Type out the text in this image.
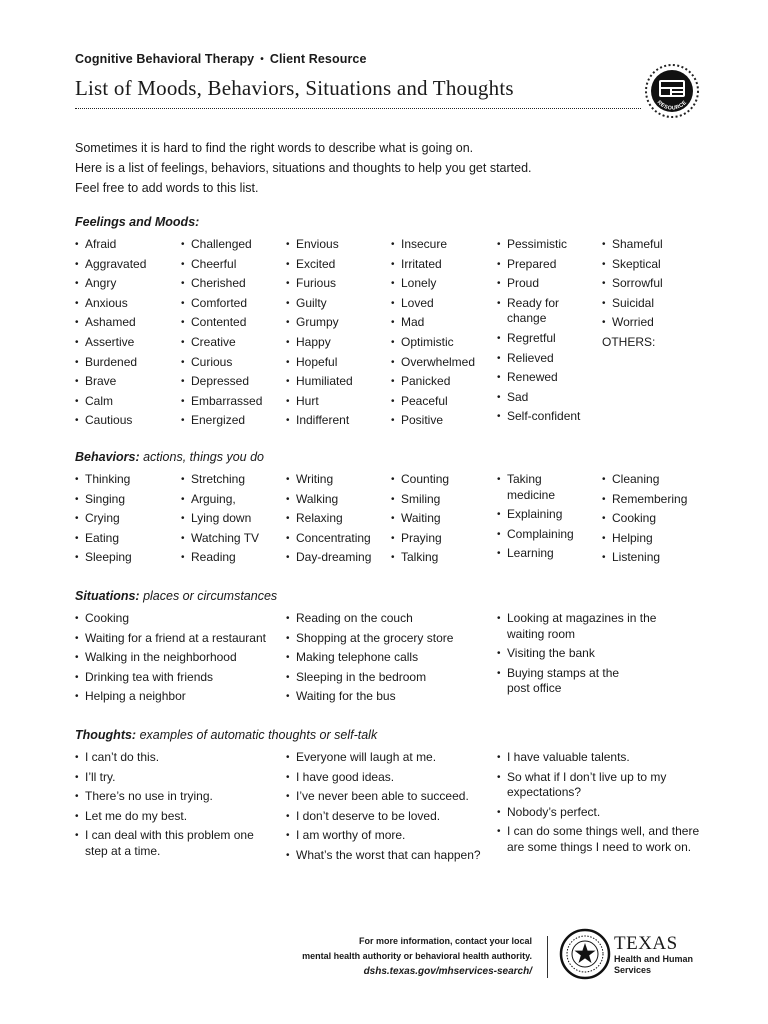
Cognitive Behavioral Therapy • Client Resource
List of Moods, Behaviors, Situations and Thoughts
RESOURCE
Sometimes it is hard to find the right words to describe what is going on.
Here is a list of feelings, behaviors, situations and thoughts to help you get started.
Feel free to add words to this list.
Feelings and Moods:
• Afraid
• Aggravated
• Angry
• Anxious
• Ashamed
• Assertive
• Burdened
• Brave
• Calm
• Cautious
• Challenged
• Cheerful
• Cherished
• Comforted
• Contented
• Creative
• Curious
• Depressed
• Embarrassed
• Energized
• Envious
• Excited
• Furious
• Guilty
• Grumpy
• Happy
• Hopeful
• Humiliated
• Hurt
• Indifferent
• Insecure
• Irritated
• Lonely
• Loved
• Mad
• Optimistic
• Overwhelmed
• Panicked
• Peaceful
• Positive
• Pessimistic
• Prepared
• Proud
• Ready for change
• Regretful
• Relieved
• Renewed
• Sad
• Self-confident
• Shameful
• Skeptical
• Sorrowful
• Suicidal
• Worried
OTHERS:
Behaviors: actions, things you do
• Thinking
• Singing
• Crying
• Eating
• Sleeping
• Stretching
• Arguing,
• Lying down
• Watching TV
• Reading
• Writing
• Walking
• Relaxing
• Concentrating
• Day-dreaming
• Counting
• Smiling
• Waiting
• Praying
• Talking
• Taking medicine
• Explaining
• Complaining
• Learning
• Cleaning
• Remembering
• Cooking
• Helping
• Listening
Situations: places or circumstances
• Cooking
• Waiting for a friend at a restaurant
• Walking in the neighborhood
• Drinking tea with friends
• Helping a neighbor
• Reading on the couch
• Shopping at the grocery store
• Making telephone calls
• Sleeping in the bedroom
• Waiting for the bus
• Looking at magazines in the waiting room
• Visiting the bank
• Buying stamps at the post office
Thoughts: examples of automatic thoughts or self-talk
• I can’t do this.
• I’ll try.
• There’s no use in trying.
• Let me do my best.
• I can deal with this problem one step at a time.
• Everyone will laugh at me.
• I have good ideas.
• I’ve never been able to succeed.
• I don’t deserve to be loved.
• I am worthy of more.
• What’s the worst that can happen?
• I have valuable talents.
• So what if I don’t live up to my expectations?
• Nobody’s perfect.
• I can do some things well, and there are some things I need to work on.
For more information, contact your local
mental health authority or behavioral health authority.
dshs.texas.gov/mhservices-search/
TEXAS
Health and Human
Services
